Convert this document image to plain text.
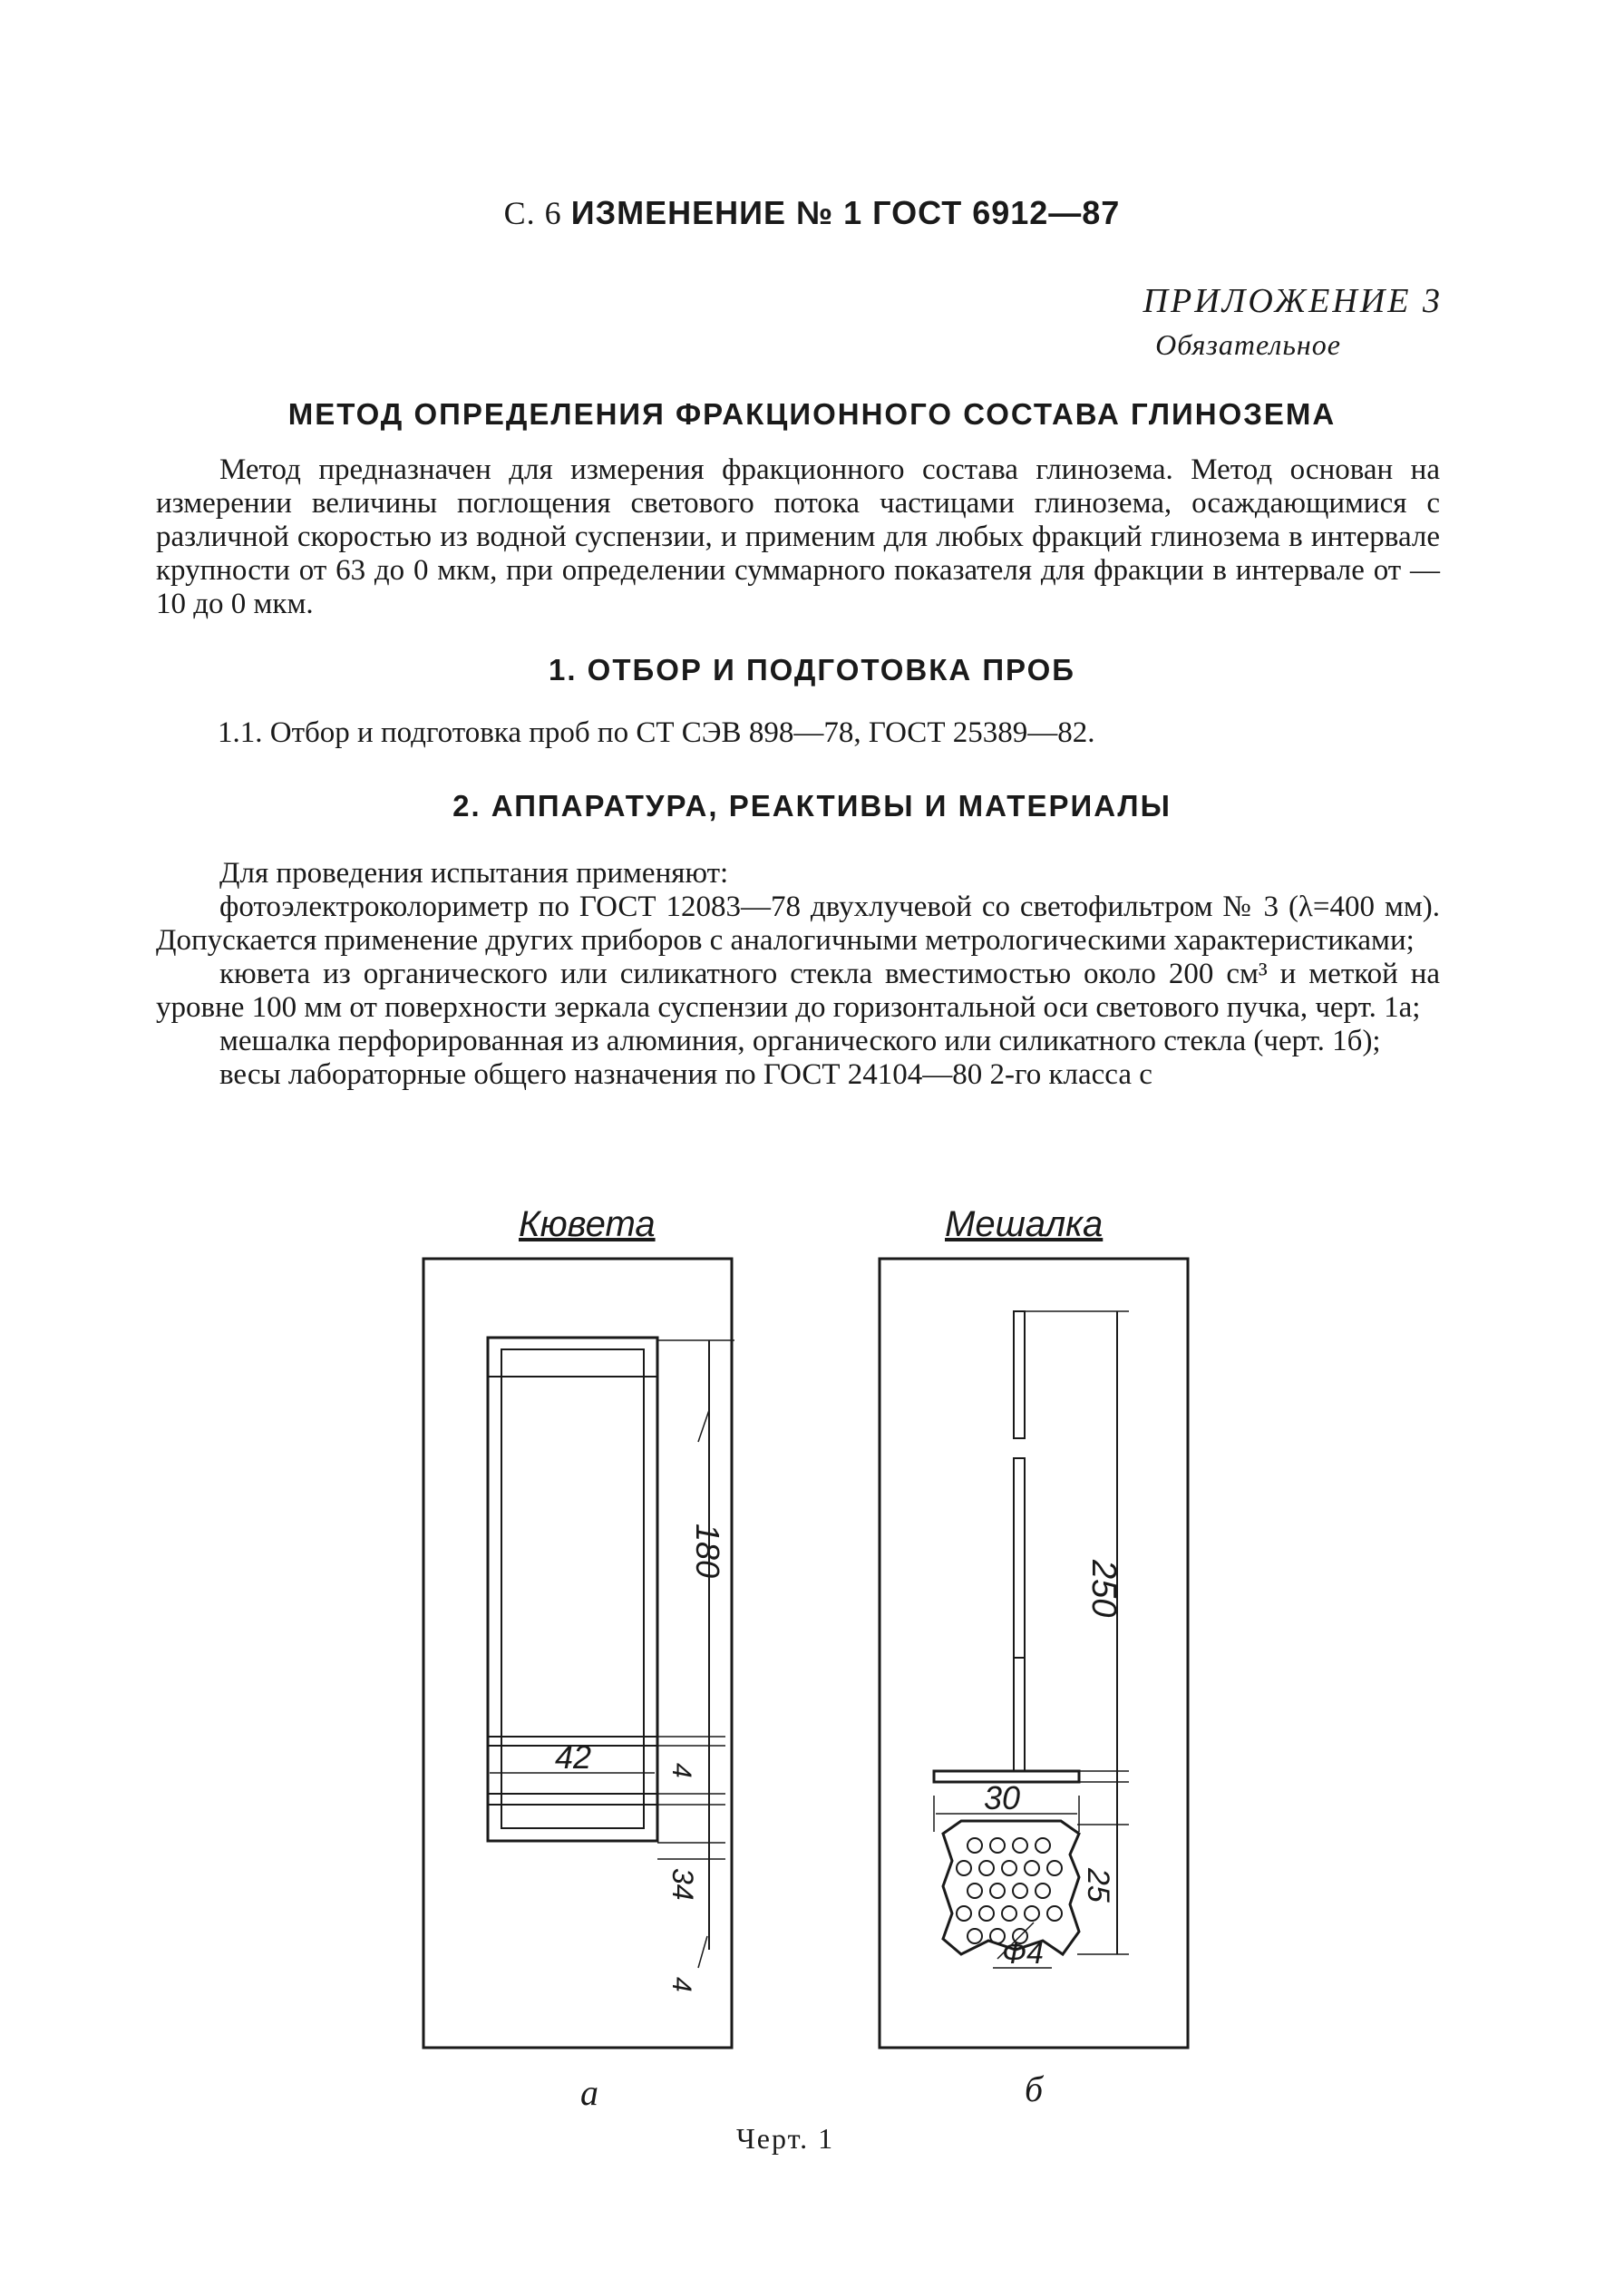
С. 6 ИЗМЕНЕНИЕ № 1 ГОСТ 6912—87
ПРИЛОЖЕНИЕ 3
Обязательное
МЕТОД ОПРЕДЕЛЕНИЯ ФРАКЦИОННОГО СОСТАВА ГЛИНОЗЕМА

Метод предназначен для измерения фракционного состава глинозема. Метод основан на измерении величины поглощения светового потока частицами глинозема, осаждающимися с различной скоростью из водной суспензии, и применим для любых фракций глинозема в интервале крупности от 63 до 0 мкм, при определении суммарного показателя для фракции в интервале от —10 до 0 мкм.

1. ОТБОР И ПОДГОТОВКА ПРОБ
1.1. Отбор и подготовка проб по СТ СЭВ 898—78, ГОСТ 25389—82.
2. АППАРАТУРА, РЕАКТИВЫ И МАТЕРИАЛЫ

Для проведения испытания применяют:

фотоэлектроколориметр по ГОСТ 12083—78 двухлучевой со светофильтром № 3 (λ=400 мм). Допускается применение других приборов с аналогичными метрологическими характеристиками;

кювета из органического или силикатного стекла вместимостью около 200 см³ и меткой на уровне 100 мм от поверхности зеркала суспензии до горизонтальной оси светового пучка, черт. 1а;

мешалка перфорированная из алюминия, органического или силикатного стекла (черт. 1б);

весы лабораторные общего назначения по ГОСТ 24104—80 2-го класса с

Кювета	Мешалка
180
42	4
34
4
250
30
25
Ф4
а	б
Черт. 1
